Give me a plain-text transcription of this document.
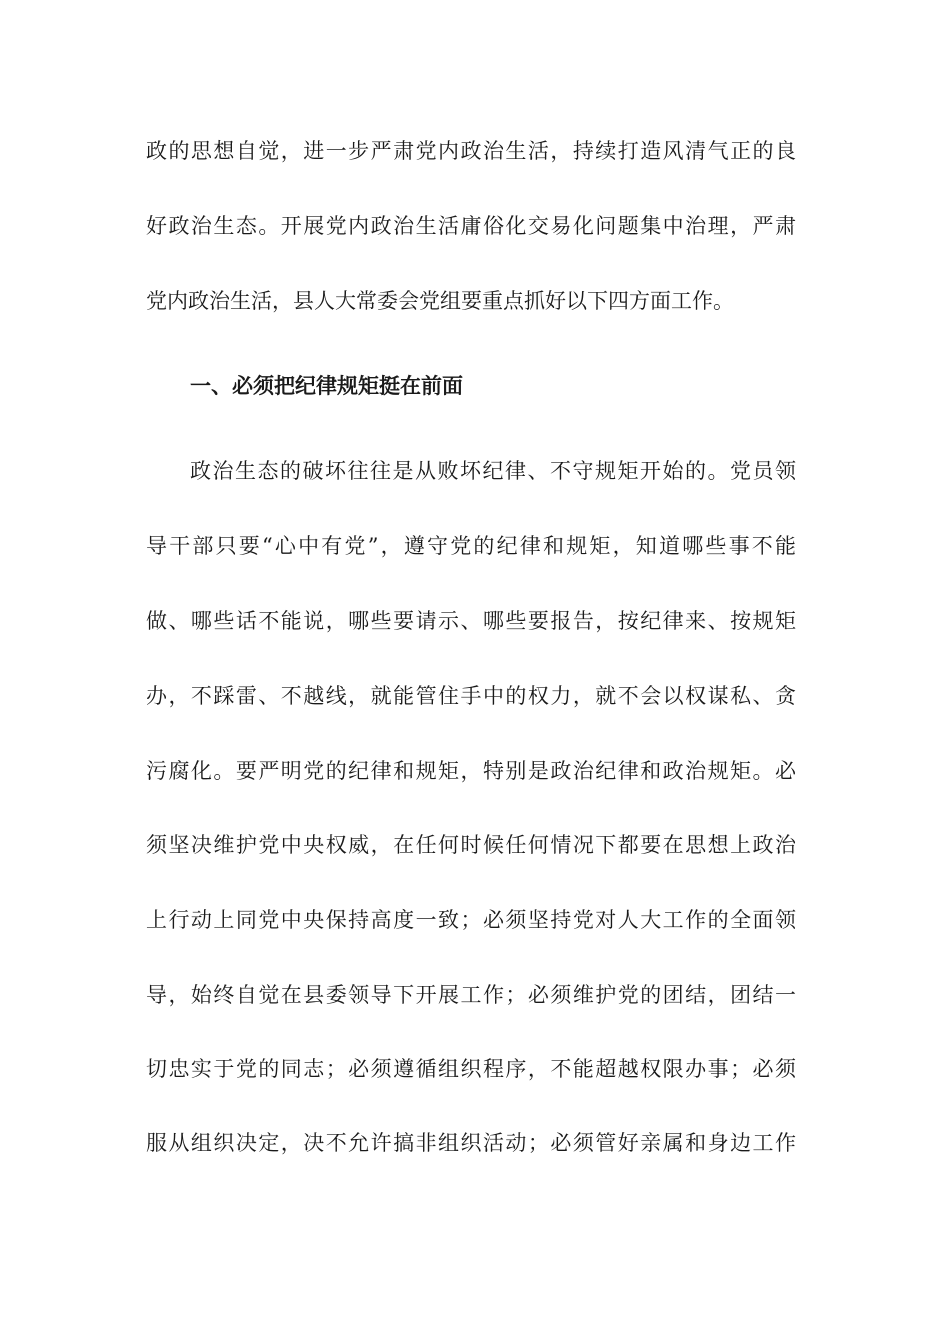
政的思想自觉，进一步严肃党内政治生活，持续打造风清气正的良
好政治生态。开展党内政治生活庸俗化交易化问题集中治理，严肃
党内政治生活，县人大常委会党组要重点抓好以下四方面工作。
一、必须把纪律规矩挺在前面
政治生态的破坏往往是从败坏纪律、不守规矩开始的。党员领
导干部只要“心中有党”，遵守党的纪律和规矩，知道哪些事不能
做、哪些话不能说，哪些要请示、哪些要报告，按纪律来、按规矩
办，不踩雷、不越线，就能管住手中的权力，就不会以权谋私、贪
污腐化。要严明党的纪律和规矩，特别是政治纪律和政治规矩。必
须坚决维护党中央权威，在任何时候任何情况下都要在思想上政治
上行动上同党中央保持高度一致；必须坚持党对人大工作的全面领
导，始终自觉在县委领导下开展工作；必须维护党的团结，团结一
切忠实于党的同志；必须遵循组织程序，不能超越权限办事；必须
服从组织决定，决不允许搞非组织活动；必须管好亲属和身边工作
